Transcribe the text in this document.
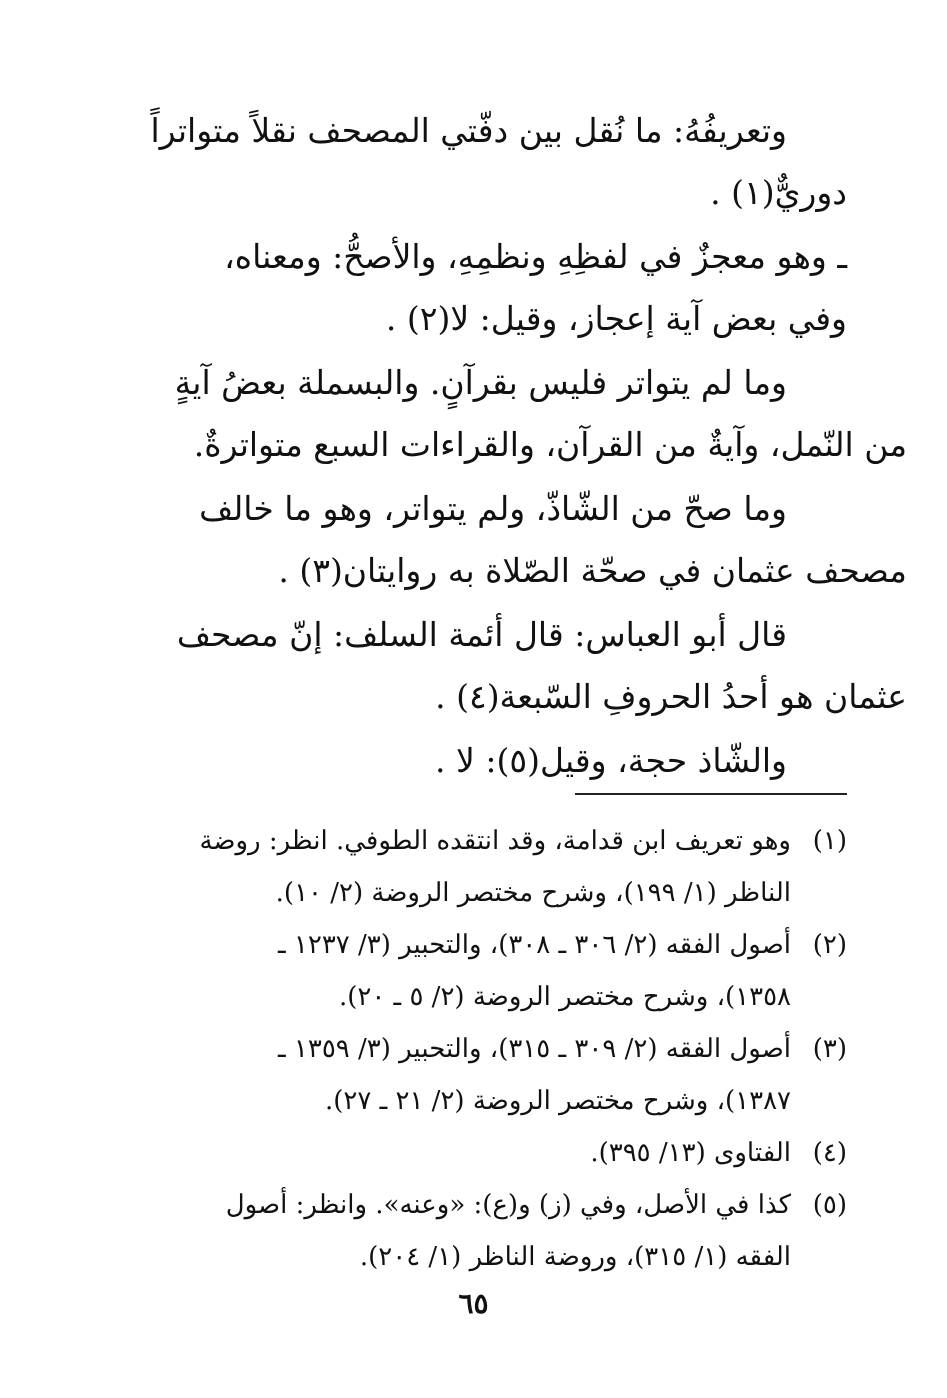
وتعريفُهُ: ما نُقل بين دفّتي المصحف نقلاً متواتراً
دوريٌّ(١) .

ـ وهو معجزٌ في لفظِهِ ونظمِهِ، والأصحُّ: ومعناه،
وفي بعض آية إعجاز، وقيل: لا(٢) .

وما لم يتواتر فليس بقرآنٍ. والبسملة بعضُ آيةٍ
من النّمل، وآيةٌ من القرآن، والقراءات السبع متواترةٌ.

وما صحّ من الشّاذّ، ولم يتواتر، وهو ما خالف
مصحف عثمان في صحّة الصّلاة به روايتان(٣) .

قال أبو العباس: قال أئمة السلف: إنّ مصحف
عثمان هو أحدُ الحروفِ السّبعة(٤) .

والشّاذ حجة، وقيل(٥): لا .

(١)
وهو تعريف ابن قدامة، وقد انتقده الطوفي. انظر: روضة
الناظر (١/ ١٩٩)، وشرح مختصر الروضة (٢/ ١٠).
(٢)
أصول الفقه (٢/ ٣٠٦ ـ ٣٠٨)، والتحبير (٣/ ١٢٣٧ ـ
١٣٥٨)، وشرح مختصر الروضة (٢/ ٥ ـ ٢٠).
(٣)
أصول الفقه (٢/ ٣٠٩ ـ ٣١٥)، والتحبير (٣/ ١٣٥٩ ـ
١٣٨٧)، وشرح مختصر الروضة (٢/ ٢١ ـ ٢٧).
(٤)
الفتاوى (١٣/ ٣٩٥).
(٥)
كذا في الأصل، وفي (ز) و(ع): «وعنه». وانظر: أصول
الفقه (١/ ٣١٥)، وروضة الناظر (١/ ٢٠٤).
٦٥
